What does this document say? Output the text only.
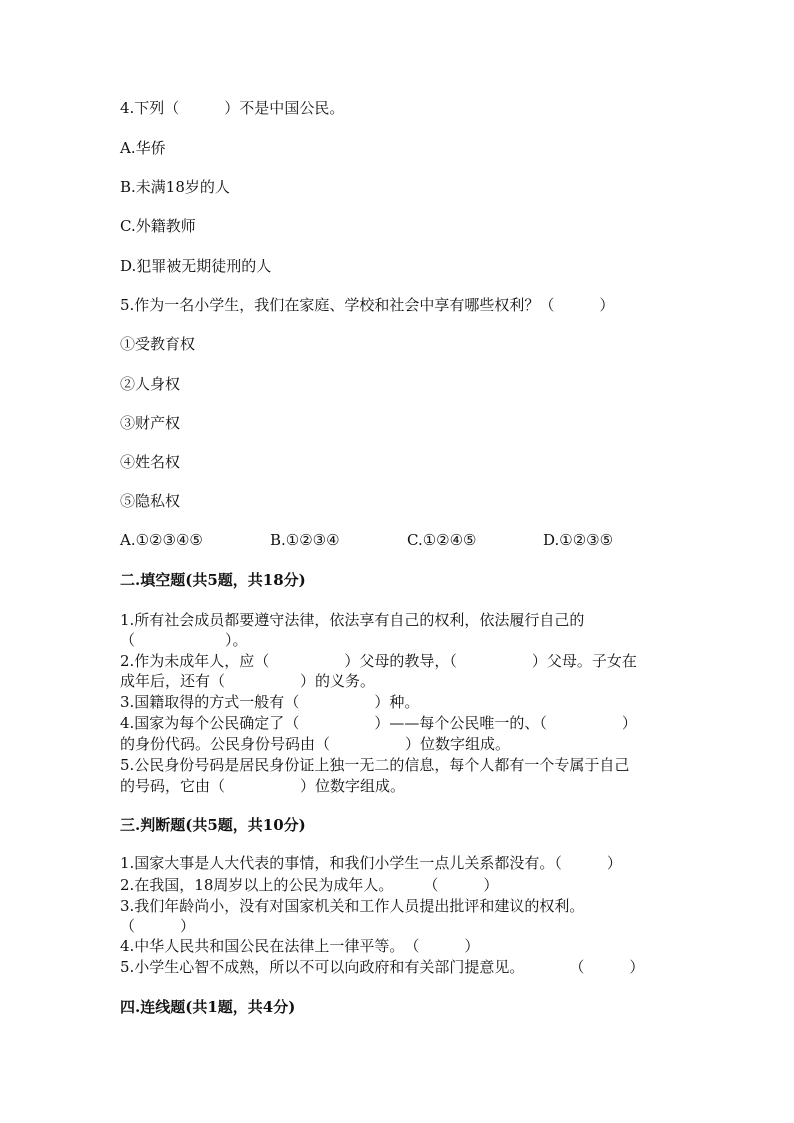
4.下列（　　　）不是中国公民。
A.华侨
B.未满18岁的人
C.外籍教师
D.犯罪被无期徒刑的人
5.作为一名小学生，我们在家庭、学校和社会中享有哪些权利？（　　　）
①受教育权
②人身权
③财产权
④姓名权
⑤隐私权
A.①②③④⑤	B.①②③④	C.①②④⑤	D.①②③⑤
二.填空题(共5题，共18分)
1.所有社会成员都要遵守法律，依法享有自己的权利，依法履行自己的
（　　　　　　）。
2.作为未成年人，应（　　　　　）父母的教导，（　　　　　）父母。子女在
成年后，还有（　　　　　）的义务。
3.国籍取得的方式一般有（　　　　　）种。
4.国家为每个公民确定了（　　　　　）——每个公民唯一的、（　　　　　）
的身份代码。公民身份号码由（　　　　　）位数字组成。
5.公民身份号码是居民身份证上独一无二的信息，每个人都有一个专属于自己
的号码，它由（　　　　　）位数字组成。
三.判断题(共5题，共10分)
1.国家大事是人大代表的事情，和我们小学生一点儿关系都没有。（　　　）
2.在我国，18周岁以上的公民为成年人。　　　（　　　）
3.我们年龄尚小，没有对国家机关和工作人员提出批评和建议的权利。
（　　　）
4.中华人民共和国公民在法律上一律平等。　（　　　）
5.小学生心智不成熟，所以不可以向政府和有关部门提意见。　　　　（　　　）
四.连线题(共1题，共4分)
